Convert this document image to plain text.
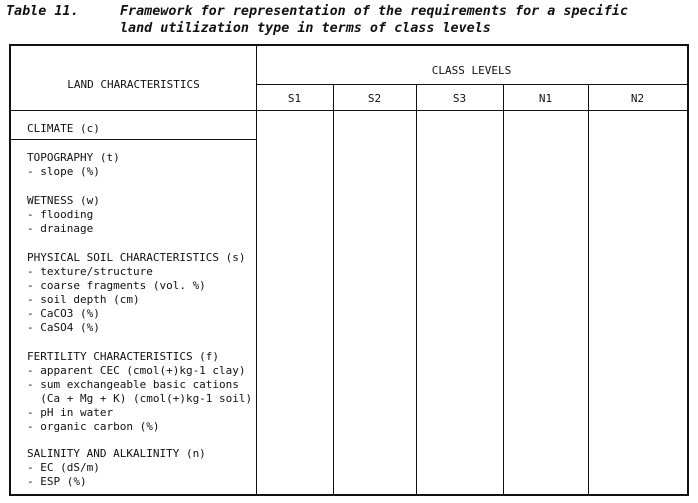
Table 11.	Framework for representation of the requirements for a specific
land utilization type in terms of class levels
LAND CHARACTERISTICS
CLASS LEVELS
S1	S2	S3	N1	N2
CLIMATE (c)
TOPOGRAPHY (t)
- slope (%)
WETNESS (w)
- flooding
- drainage
PHYSICAL SOIL CHARACTERISTICS (s)
- texture/structure
- coarse fragments (vol. %)
- soil depth (cm)
- CaCO3 (%)
- CaSO4 (%)
FERTILITY CHARACTERISTICS (f)
- apparent CEC (cmol(+)kg-1 clay)
- sum exchangeable basic cations
(Ca + Mg + K) (cmol(+)kg-1 soil)
- pH in water
- organic carbon (%)
SALINITY AND ALKALINITY (n)
- EC (dS/m)
- ESP (%)
